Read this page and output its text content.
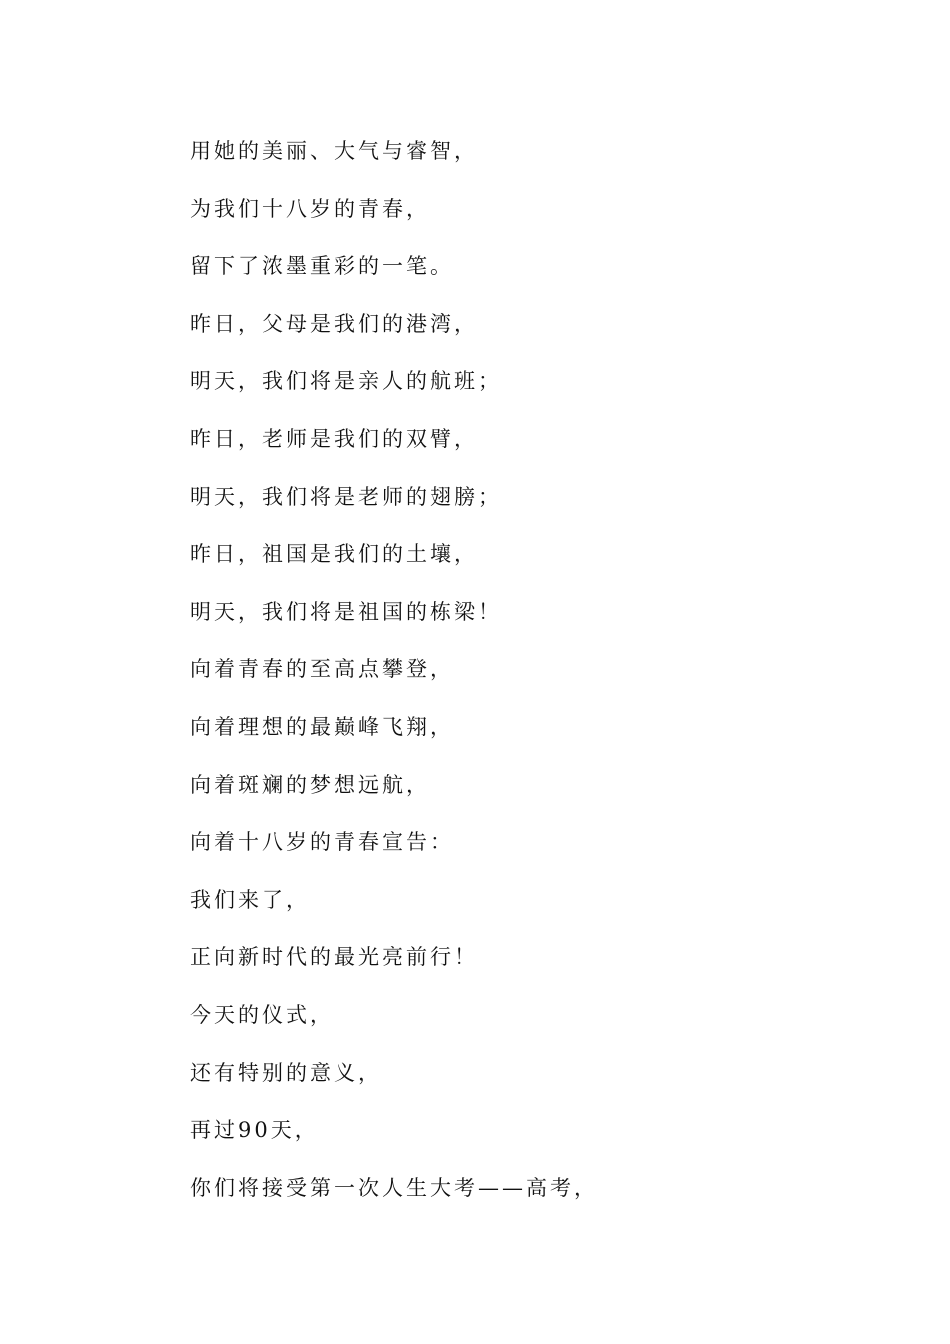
用她的美丽、大气与睿智，
为我们十八岁的青春，
留下了浓墨重彩的一笔。
昨日，父母是我们的港湾，
明天，我们将是亲人的航班；
昨日，老师是我们的双臂，
明天，我们将是老师的翅膀；
昨日，祖国是我们的土壤，
明天，我们将是祖国的栋梁！
向着青春的至高点攀登，
向着理想的最巅峰飞翔，
向着斑斓的梦想远航，
向着十八岁的青春宣告：
我们来了，
正向新时代的最光亮前行！
今天的仪式，
还有特别的意义，
再过90天，
你们将接受第一次人生大考——高考，
